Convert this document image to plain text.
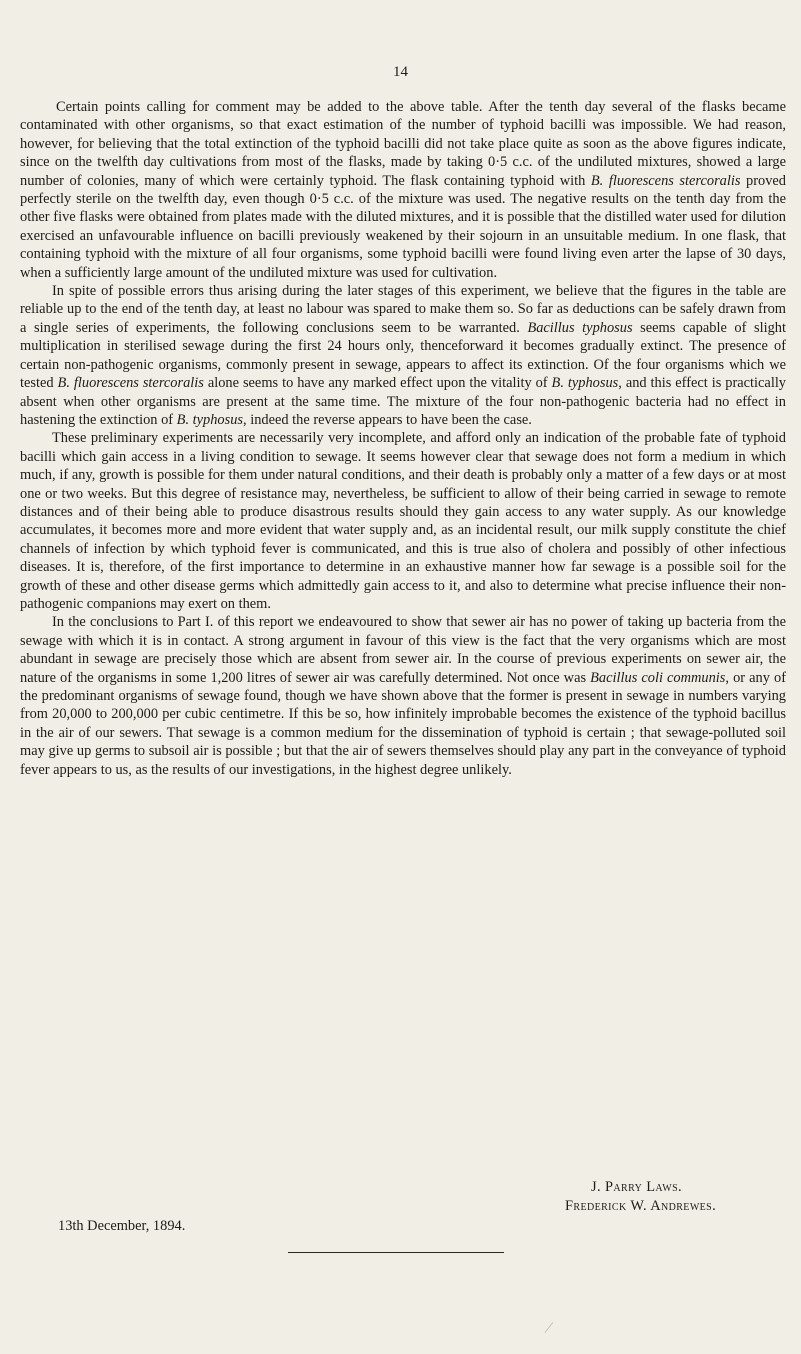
14

Certain points calling for comment may be added to the above table. After the tenth day several of the flasks became contaminated with other organisms, so that exact estimation of the number of typhoid bacilli was impossible. We had reason, however, for believing that the total extinction of the typhoid bacilli did not take place quite as soon as the above figures indicate, since on the twelfth day cultivations from most of the flasks, made by taking 0·5 c.c. of the undiluted mixtures, showed a large number of colonies, many of which were certainly typhoid. The flask containing typhoid with B. fluorescens stercoralis proved perfectly sterile on the twelfth day, even though 0·5 c.c. of the mixture was used. The negative results on the tenth day from the other five flasks were obtained from plates made with the diluted mixtures, and it is possible that the distilled water used for dilution exercised an unfavourable influence on bacilli previously weakened by their sojourn in an unsuitable medium. In one flask, that containing typhoid with the mixture of all four organisms, some typhoid bacilli were found living even arter the lapse of 30 days, when a sufficiently large amount of the undiluted mixture was used for cultivation.

In spite of possible errors thus arising during the later stages of this experiment, we believe that the figures in the table are reliable up to the end of the tenth day, at least no labour was spared to make them so. So far as deductions can be safely drawn from a single series of experiments, the following conclusions seem to be warranted. Bacillus typhosus seems capable of slight multiplication in sterilised sewage during the first 24 hours only, thenceforward it becomes gradually extinct. The presence of certain non-pathogenic organisms, commonly present in sewage, appears to affect its extinction. Of the four organisms which we tested B. fluorescens stercoralis alone seems to have any marked effect upon the vitality of B. typhosus, and this effect is practically absent when other organisms are present at the same time. The mixture of the four non-pathogenic bacteria had no effect in hastening the extinction of B. typhosus, indeed the reverse appears to have been the case.

These preliminary experiments are necessarily very incomplete, and afford only an indication of the probable fate of typhoid bacilli which gain access in a living condition to sewage. It seems however clear that sewage does not form a medium in which much, if any, growth is possible for them under natural conditions, and their death is probably only a matter of a few days or at most one or two weeks. But this degree of resistance may, nevertheless, be sufficient to allow of their being carried in sewage to remote distances and of their being able to produce disastrous results should they gain access to any water supply. As our knowledge accumulates, it becomes more and more evident that water supply and, as an incidental result, our milk supply constitute the chief channels of infection by which typhoid fever is communicated, and this is true also of cholera and possibly of other infectious diseases. It is, therefore, of the first importance to determine in an exhaustive manner how far sewage is a possible soil for the growth of these and other disease germs which admittedly gain access to it, and also to determine what precise influence their non-pathogenic companions may exert on them.

In the conclusions to Part I. of this report we endeavoured to show that sewer air has no power of taking up bacteria from the sewage with which it is in contact. A strong argument in favour of this view is the fact that the very organisms which are most abundant in sewage are precisely those which are absent from sewer air. In the course of previous experiments on sewer air, the nature of the organisms in some 1,200 litres of sewer air was carefully determined. Not once was Bacillus coli communis, or any of the predominant organisms of sewage found, though we have shown above that the former is present in sewage in numbers varying from 20,000 to 200,000 per cubic centimetre. If this be so, how infinitely improbable becomes the existence of the typhoid bacillus in the air of our sewers. That sewage is a common medium for the dissemination of typhoid is certain ; that sewage-polluted soil may give up germs to subsoil air is possible ; but that the air of sewers themselves should play any part in the conveyance of typhoid fever appears to us, as the results of our investigations, in the highest degree unlikely.

J. Parry Laws.
Frederick W. Andrewes.
13th December, 1894.
